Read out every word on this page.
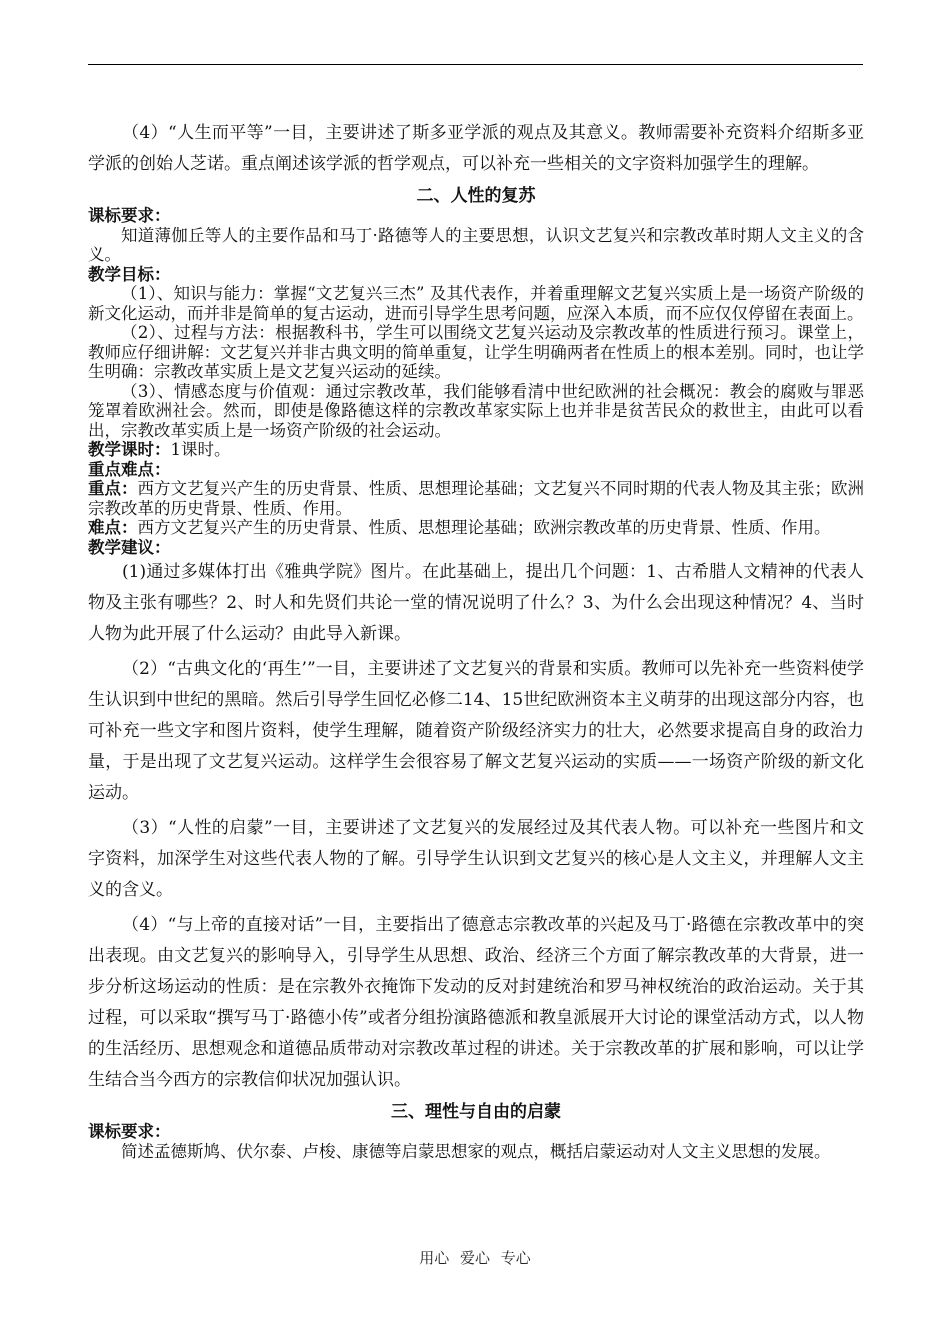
（4）“人生而平等”一目，主要讲述了斯多亚学派的观点及其意义。教师需要补充资料介绍斯多亚学派的创始人芝诺。重点阐述该学派的哲学观点，可以补充一些相关的文字资料加强学生的理解。

二、人性的复苏
课标要求：

知道薄伽丘等人的主要作品和马丁·路德等人的主要思想，认识文艺复兴和宗教改革时期人文主义的含义。

教学目标：

（1）、知识与能力：掌握“文艺复兴三杰” 及其代表作，并着重理解文艺复兴实质上是一场资产阶级的新文化运动，而并非是简单的复古运动，进而引导学生思考问题，应深入本质，而不应仅仅停留在表面上。

（2）、过程与方法：根据教科书，学生可以围绕文艺复兴运动及宗教改革的性质进行预习。课堂上，教师应仔细讲解：文艺复兴并非古典文明的简单重复，让学生明确两者在性质上的根本差别。同时，也让学生明确：宗教改革实质上是文艺复兴运动的延续。

（3）、情感态度与价值观：通过宗教改革，我们能够看清中世纪欧洲的社会概况：教会的腐败与罪恶笼罩着欧洲社会。然而，即使是像路德这样的宗教改革家实际上也并非是贫苦民众的救世主，由此可以看出，宗教改革实质上是一场资产阶级的社会运动。

教学课时：1课时。
重点难点：

重点：西方文艺复兴产生的历史背景、性质、思想理论基础；文艺复兴不同时期的代表人物及其主张；欧洲宗教改革的历史背景、性质、作用。

难点：西方文艺复兴产生的历史背景、性质、思想理论基础；欧洲宗教改革的历史背景、性质、作用。

教学建议：

(1)通过多媒体打出《雅典学院》图片。在此基础上，提出几个问题：1、古希腊人文精神的代表人物及主张有哪些？2、时人和先贤们共论一堂的情况说明了什么？3、为什么会出现这种情况？4、当时人物为此开展了什么运动？由此导入新课。

（2）“古典文化的‘再生’”一目，主要讲述了文艺复兴的背景和实质。教师可以先补充一些资料使学生认识到中世纪的黑暗。然后引导学生回忆必修二14、15世纪欧洲资本主义萌芽的出现这部分内容，也可补充一些文字和图片资料，使学生理解，随着资产阶级经济实力的壮大，必然要求提高自身的政治力量，于是出现了文艺复兴运动。这样学生会很容易了解文艺复兴运动的实质——一场资产阶级的新文化运动。

（3）“人性的启蒙”一目，主要讲述了文艺复兴的发展经过及其代表人物。可以补充一些图片和文字资料，加深学生对这些代表人物的了解。引导学生认识到文艺复兴的核心是人文主义，并理解人文主义的含义。

（4）“与上帝的直接对话”一目，主要指出了德意志宗教改革的兴起及马丁·路德在宗教改革中的突出表现。由文艺复兴的影响导入，引导学生从思想、政治、经济三个方面了解宗教改革的大背景，进一步分析这场运动的性质：是在宗教外衣掩饰下发动的反对封建统治和罗马神权统治的政治运动。关于其过程，可以采取“撰写马丁·路德小传”或者分组扮演路德派和教皇派展开大讨论的课堂活动方式，以人物的生活经历、思想观念和道德品质带动对宗教改革过程的讲述。关于宗教改革的扩展和影响，可以让学生结合当今西方的宗教信仰状况加强认识。

三、理性与自由的启蒙
课标要求：

简述孟德斯鸠、伏尔泰、卢梭、康德等启蒙思想家的观点，概括启蒙运动对人文主义思想的发展。

用心 爱心 专心
